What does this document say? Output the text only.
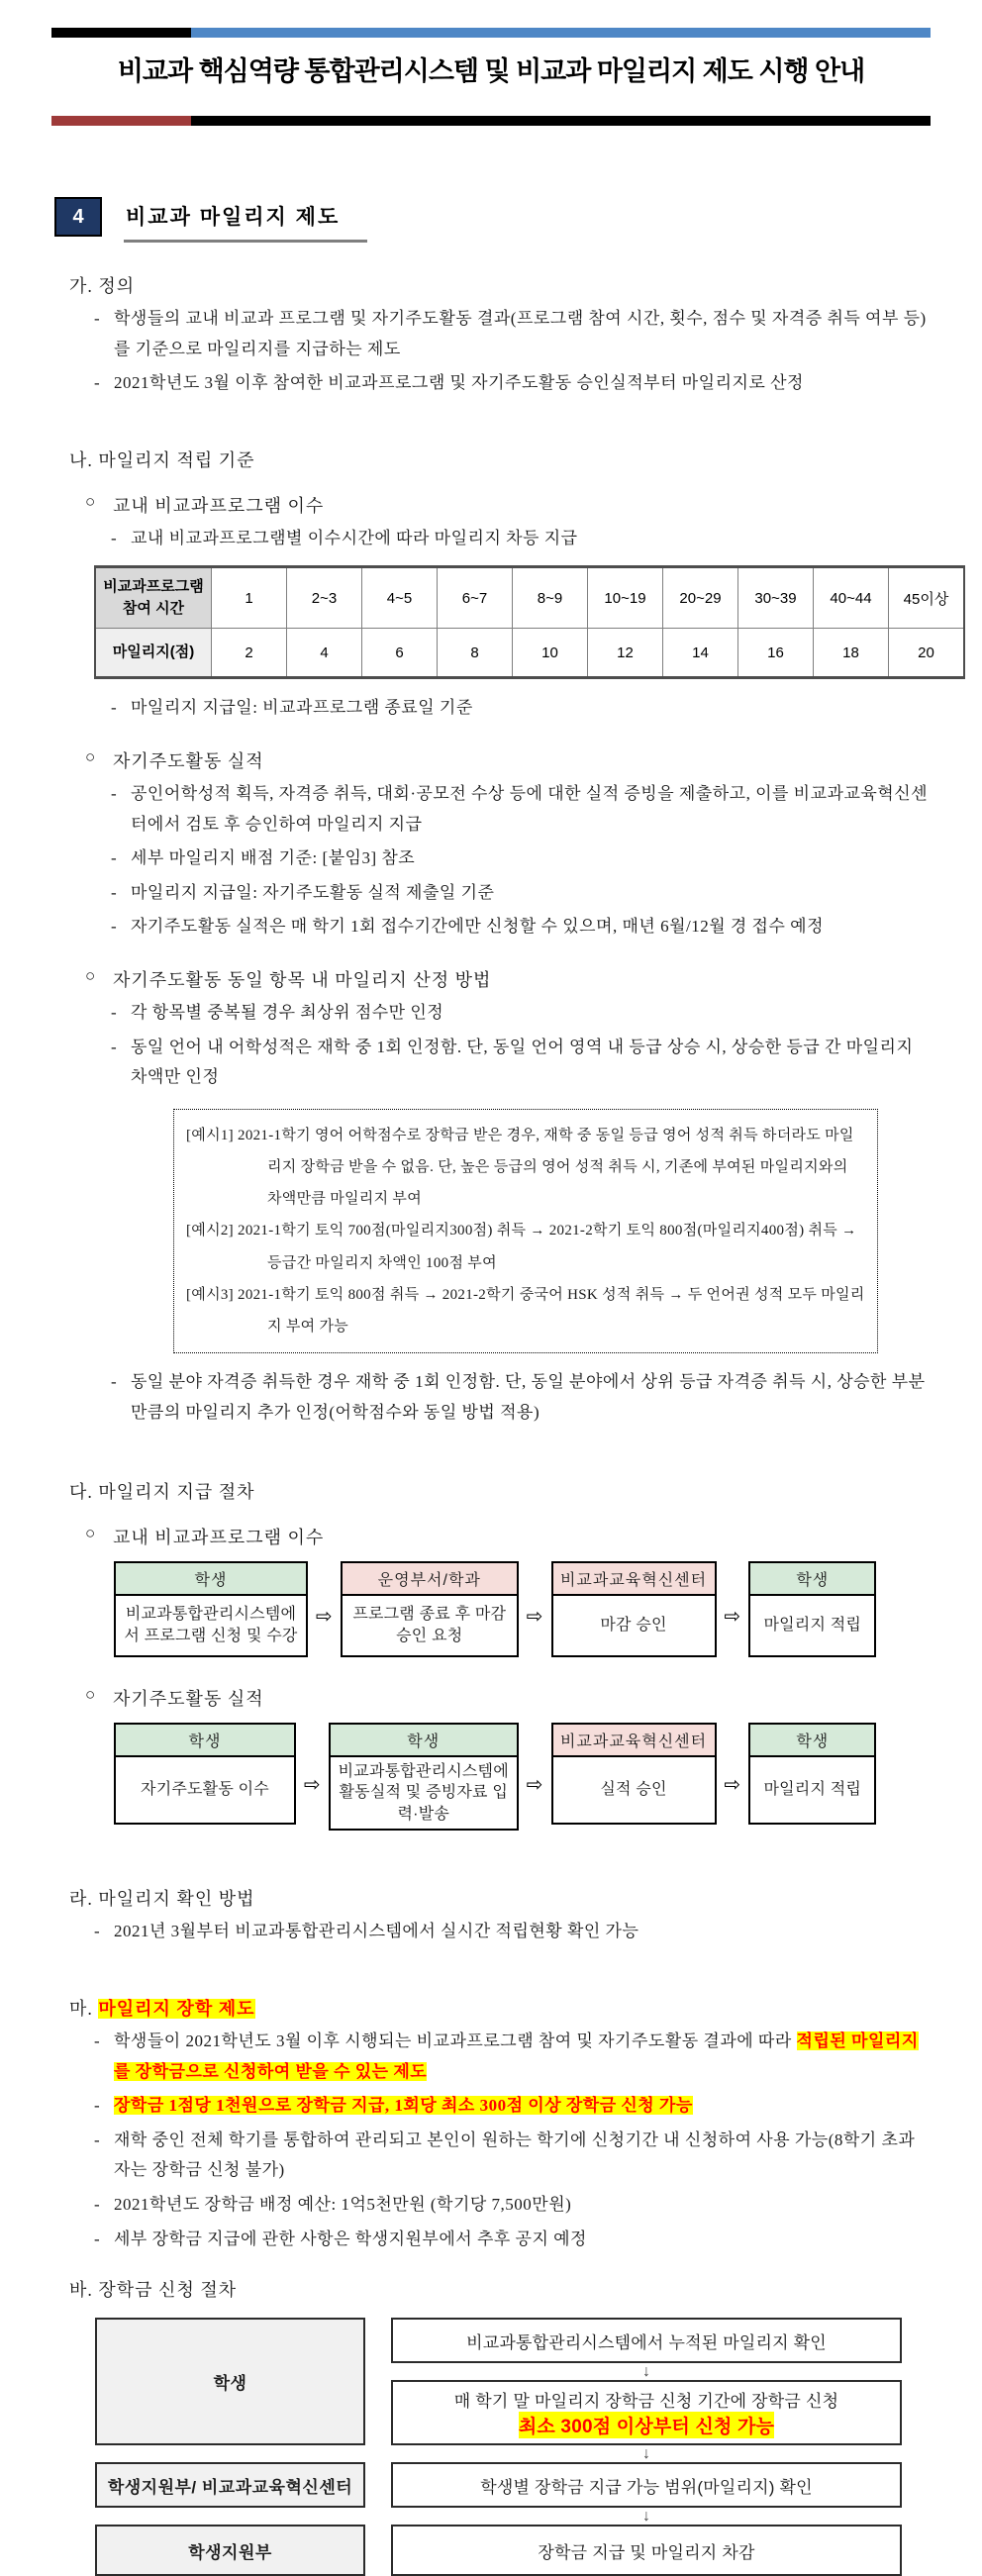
비교과 핵심역량 통합관리시스템 및 비교과 마일리지 제도 시행 안내
4	비교과 마일리지 제도
가. 정의
- 학생들의 교내 비교과 프로그램 및 자기주도활동 결과(프로그램 참여 시간, 횟수, 점수 및 자격증 취득 여부 등)를 기준으로 마일리지를 지급하는 제도
- 2021학년도 3월 이후 참여한 비교과프로그램 및 자기주도활동 승인실적부터 마일리지로 산정
나. 마일리지 적립 기준
○ 교내 비교과프로그램 이수
- 교내 비교과프로그램별 이수시간에 따라 마일리지 차등 지급
비교과프로그램
참여 시간	1	2~3	4~5	6~7	8~9	10~19	20~29	30~39	40~44	45이상
마일리지(점)	2	4	6	8	10	12	14	16	18	20
- 마일리지 지급일: 비교과프로그램 종료일 기준
○ 자기주도활동 실적
- 공인어학성적 획득, 자격증 취득, 대회·공모전 수상 등에 대한 실적 증빙을 제출하고, 이를 비교과교육혁신센터에서 검토 후 승인하여 마일리지 지급
- 세부 마일리지 배점 기준: [붙임3] 참조
- 마일리지 지급일: 자기주도활동 실적 제출일 기준
- 자기주도활동 실적은 매 학기 1회 접수기간에만 신청할 수 있으며, 매년 6월/12월 경 접수 예정
○ 자기주도활동 동일 항목 내 마일리지 산정 방법
- 각 항목별 중복될 경우 최상위 점수만 인정
- 동일 언어 내 어학성적은 재학 중 1회 인정함. 단, 동일 언어 영역 내 등급 상승 시, 상승한 등급 간 마일리지 차액만 인정
[예시1] 2021-1학기 영어 어학점수로 장학금 받은 경우, 재학 중 동일 등급 영어 성적 취득 하더라도 마일리지 장학금 받을 수 없음. 단, 높은 등급의 영어 성적 취득 시, 기존에 부여된 마일리지와의 차액만큼 마일리지 부여
[예시2] 2021-1학기 토익 700점(마일리지300점) 취득 → 2021-2학기 토익 800점(마일리지400점) 취득 → 등급간 마일리지 차액인 100점 부여
[예시3] 2021-1학기 토익 800점 취득 → 2021-2학기 중국어 HSK 성적 취득 → 두 언어권 성적 모두 마일리지 부여 가능
- 동일 분야 자격증 취득한 경우 재학 중 1회 인정함. 단, 동일 분야에서 상위 등급 자격증 취득 시, 상승한 부분만큼의 마일리지 추가 인정(어학점수와 동일 방법 적용)
다. 마일리지 지급 절차
○ 교내 비교과프로그램 이수
학생
비교과통합관리시스템에서 프로그램 신청 및 수강
⇨
운영부서/학과
프로그램 종료 후 마감승인 요청
⇨
비교과교육혁신센터
마감 승인	⇨
학생
마일리지 적립
○ 자기주도활동 실적
학생
자기주도활동 이수	⇨
학생
비교과통합관리시스템에 활동실적 및 증빙자료 입력·발송
⇨
비교과교육혁신센터
실적 승인	⇨
학생
마일리지 적립
라. 마일리지 확인 방법
- 2021년 3월부터 비교과통합관리시스템에서 실시간 적립현황 확인 가능
마. 마일리지 장학 제도
- 학생들이 2021학년도 3월 이후 시행되는 비교과프로그램 참여 및 자기주도활동 결과에 따라 적립된 마일리지를 장학금으로 신청하여 받을 수 있는 제도
- 장학금 1점당 1천원으로 장학금 지급, 1회당 최소 300점 이상 장학금 신청 가능
- 재학 중인 전체 학기를 통합하여 관리되고 본인이 원하는 학기에 신청기간 내 신청하여 사용 가능(8학기 초과자는 장학금 신청 불가)
- 2021학년도 장학금 배정 예산: 1억5천만원 (학기당 7,500만원)
- 세부 장학금 지급에 관한 사항은 학생지원부에서 추후 공지 예정
바. 장학금 신청 절차
학생
비교과통합관리시스템에서 누적된 마일리지 확인
↓
매 학기 말 마일리지 장학금 신청 기간에 장학금 신청
최소 300점 이상부터 신청 가능
↓
학생지원부/ 비교과교육혁신센터	학생별 장학금 지급 가능 범위(마일리지) 확인
↓
학생지원부	장학금 지급 및 마일리지 차감
